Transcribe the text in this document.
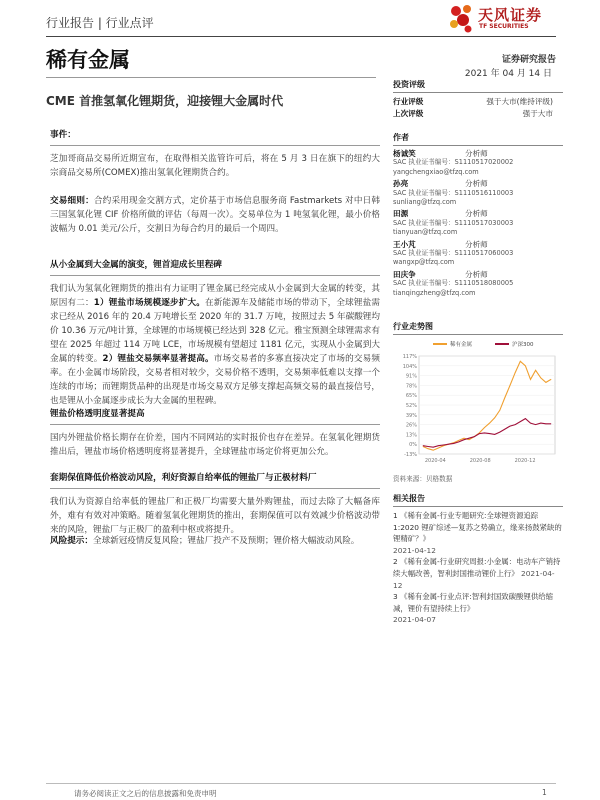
行业报告 | 行业点评	天风证券
TF SECURITIES
稀有金属	证券研究报告
2021 年 04 月 14 日
CME 首推氢氧化锂期货，迎接锂大金属时代
事件：

芝加哥商品交易所近期宣布，在取得相关监管许可后，将在 5 月 3 日在旗下的纽约大宗商品交易所(COMEX)推出氢氧化锂期货合约。

交易细则：合约采用现金交割方式，定价基于市场信息服务商 Fastmarkets 对中日韩三国氢氧化锂 CIF 价格所做的评估（每周一次）。交易单位为 1 吨氢氧化锂，最小价格波幅为 0.01 美元/公斤，交割日为每合约月的最后一个周四。

从小金属到大金属的演变，锂首迎成长里程碑

我们认为氢氧化锂期货的推出有力证明了锂金属已经完成从小金属到大金属的转变，其原因有二：1）锂盐市场规模逐步扩大。在新能源车及储能市场的带动下，全球锂盐需求已经从 2016 年的 20.4 万吨增长至 2020 年的 31.7 万吨，按照过去 5 年碳酸锂均价 10.36 万元/吨计算，全球锂的市场规模已经达到 328 亿元。雅宝预测全球锂需求有望在 2025 年超过 114 万吨 LCE，市场规模有望超过 1181 亿元，实现从小金属到大金属的转变。2）锂盐交易频率显著提高。市场交易者的多寡直接决定了市场的交易频率。在小金属市场阶段，交易者相对较少，交易价格不透明，交易频率低难以支撑一个连续的市场；而锂期货品种的出现是市场交易双方足够支撑起高频交易的最直接信号，也是锂从小金属逐步成长为大金属的里程碑。

锂盐价格透明度显著提高

国内外锂盐价格长期存在价差，国内不同网站的实时报价也存在差异。在氢氧化锂期货推出后，锂盐市场价格透明度将显著提升，全球锂盐市场定价将更加公允。

套期保值降低价格波动风险，利好资源自给率低的锂盐厂与正极材料厂

我们认为资源自给率低的锂盐厂和正极厂均需要大量外购锂盐，而过去除了大幅备库外，难有有效对冲策略。随着氢氧化锂期货的推出，套期保值可以有效减少价格波动带来的风险，锂盐厂与正极厂的盈利中枢或将提升。

风险提示：全球新冠疫情反复风险；锂盐厂投产不及预期；锂价格大幅波动风险。

投资评级
行业评级	强于大市(维持评级)
上次评级	强于大市
作者
杨诚笑	分析师
SAC 执业证书编号：S1110517020002
yangchengxiao@tfzq.com
孙亮	分析师
SAC 执业证书编号：S1110516110003
sunliang@tfzq.com
田源	分析师
SAC 执业证书编号：S1110517030003
tianyuan@tfzq.com
王小芃	分析师
SAC 执业证书编号：S1110517060003
wangxp@tfzq.com
田庆争	分析师
SAC 执业证书编号：S1110518080005
tianqingzheng@tfzq.com
行业走势图
-13%
0%
13%
26%
39%
52%
65%
78%
91%
104%
117%
2020-04	2020-08	2020-12
稀有金属	沪深300
资料来源：贝格数据
相关报告
1 《稀有金属-行业专题研究:全球锂资源追踪 1:2020 锂矿综述—复苏之势确立，缘来扬鼓紧缺的锂精矿？》
2021-04-12
2 《稀有金属-行业研究周报:小金属：电动车产销持续大幅改善，智利封国推动锂价上行》 2021-04-12
3 《稀有金属-行业点评:智利封国致碳酸锂供给缩减，锂价有望持续上行》
2021-04-07
请务必阅读正文之后的信息披露和免责申明	1
